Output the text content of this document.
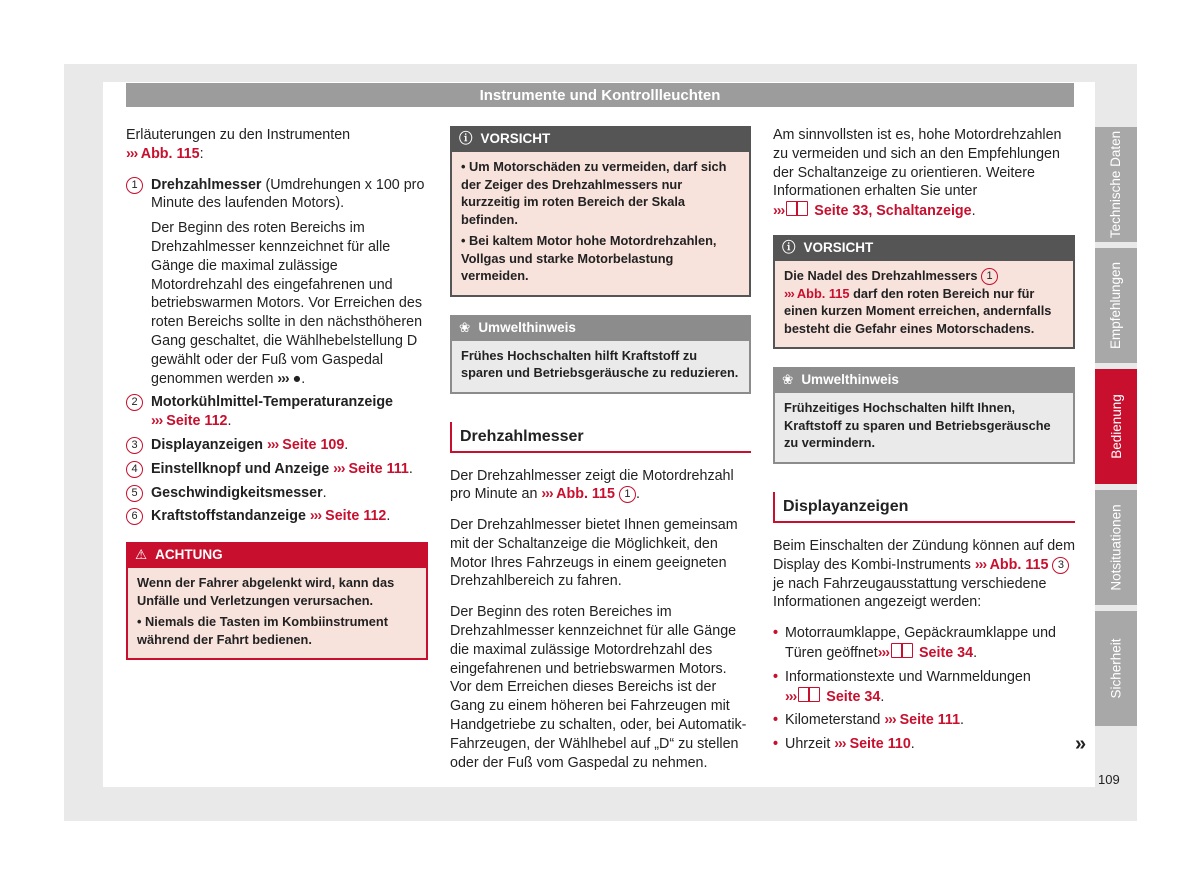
Instrumente und Kontrollleuchten

Erläuterungen zu den Instrumenten
››› Abb. 115:

1 Drehzahlmesser (Umdrehungen x 100 pro Minute des laufenden Motors).
Der Beginn des roten Bereichs im Drehzahlmesser kennzeichnet für alle Gänge die maximal zulässige Motordrehzahl des eingefahrenen und betriebswarmen Motors. Vor Erreichen des roten Bereichs sollte in den nächsthöheren Gang geschaltet, die Wählhebelstellung D gewählt oder der Fuß vom Gaspedal genommen werden ››› ●.
2 Motorkühlmittel-Temperaturanzeige
››› Seite 112.
3 Displayanzeigen ››› Seite 109.
4 Einstellknopf und Anzeige ››› Seite 111.
5 Geschwindigkeitsmesser.
6 Kraftstoffstandanzeige ››› Seite 112.
⚠ ACHTUNG

Wenn der Fahrer abgelenkt wird, kann das Unfälle und Verletzungen verursachen.

• Niemals die Tasten im Kombiinstrument während der Fahrt bedienen.

ⓘ VORSICHT

• Um Motorschäden zu vermeiden, darf sich der Zeiger des Drehzahlmessers nur kurzzeitig im roten Bereich der Skala befinden.

• Bei kaltem Motor hohe Motordrehzahlen, Vollgas und starke Motorbelastung vermeiden.

❀ Umwelthinweis

Frühes Hochschalten hilft Kraftstoff zu sparen und Betriebsgeräusche zu reduzieren.

Drehzahlmesser

Der Drehzahlmesser zeigt die Motordrehzahl pro Minute an ››› Abb. 115 1 .

Der Drehzahlmesser bietet Ihnen gemeinsam mit der Schaltanzeige die Möglichkeit, den Motor Ihres Fahrzeugs in einem geeigneten Drehzahlbereich zu fahren.

Der Beginn des roten Bereiches im Drehzahlmesser kennzeichnet für alle Gänge die maximal zulässige Motordrehzahl des eingefahrenen und betriebswarmen Motors. Vor dem Erreichen dieses Bereichs ist der Gang zu einem höheren bei Fahrzeugen mit Handgetriebe zu schalten, oder, bei Automatik-Fahrzeugen, der Wählhebel auf „D“ zu stellen oder der Fuß vom Gaspedal zu nehmen.

Am sinnvollsten ist es, hohe Motordrehzahlen zu vermeiden und sich an den Empfehlungen der Schaltanzeige zu orientieren. Weitere Informationen erhalten Sie unter
››› Seite 33, Schaltanzeige.

ⓘ VORSICHT

Die Nadel des Drehzahlmessers 1
››› Abb. 115 darf den roten Bereich nur für einen kurzen Moment erreichen, andernfalls besteht die Gefahr eines Motorschadens.

❀ Umwelthinweis

Frühzeitiges Hochschalten hilft Ihnen, Kraftstoff zu sparen und Betriebsgeräusche zu vermindern.

Displayanzeigen

Beim Einschalten der Zündung können auf dem Display des Kombi-Instruments ››› Abb. 115 3 je nach Fahrzeugausstattung verschiedene Informationen angezeigt werden:

• Motorraumklappe, Gepäckraumklappe und Türen geöffnet››› Seite 34.
• Informationstexte und Warnmeldungen
››› Seite 34.
• Kilometerstand ››› Seite 111.
• Uhrzeit ››› Seite 110.	»
Technische Daten
Empfehlungen
Bedienung
Notsituationen
Sicherheit
109
